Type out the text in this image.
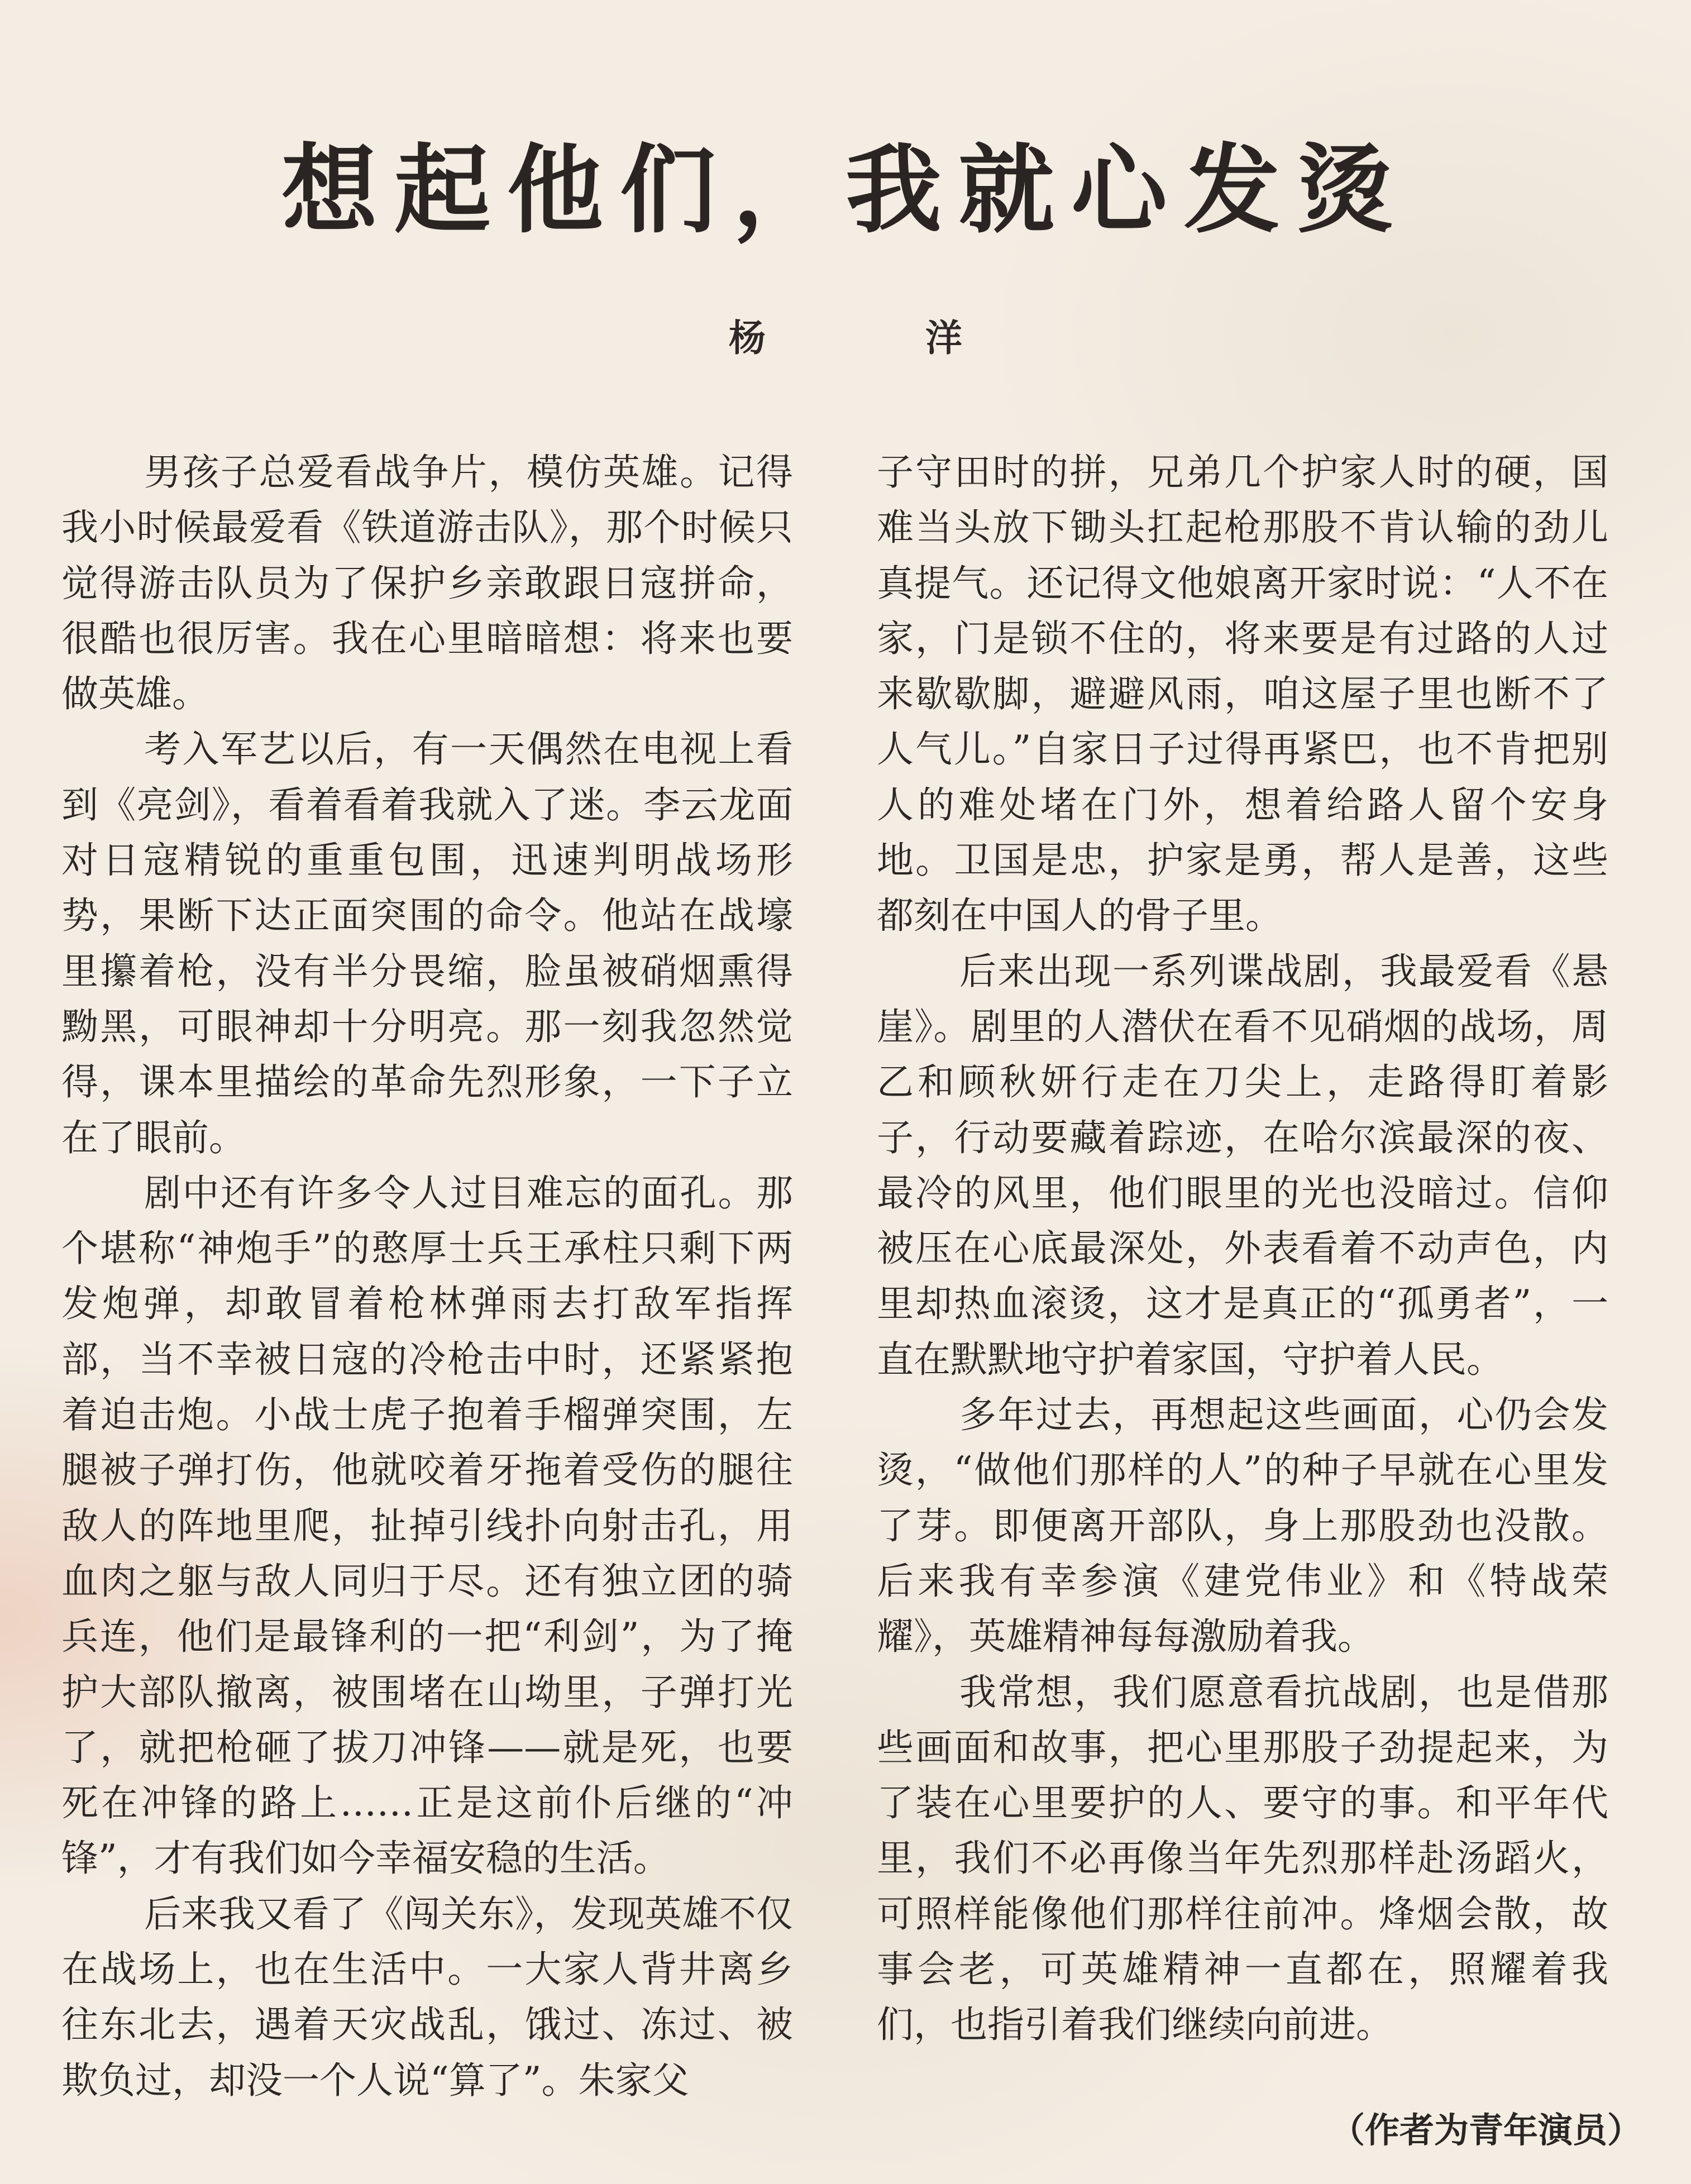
想起他们，我就心发烫
杨　洋

男孩子总爱看战争片，模仿英雄。记得我小时候最爱看《铁道游击队》，那个时候只觉得游击队员为了保护乡亲敢跟日寇拼命，很酷也很厉害。我在心里暗暗想：将来也要做英雄。

考入军艺以后，有一天偶然在电视上看到《亮剑》，看着看着我就入了迷。李云龙面对日寇精锐的重重包围，迅速判明战场形势，果断下达正面突围的命令。他站在战壕里攥着枪，没有半分畏缩，脸虽被硝烟熏得黝黑，可眼神却十分明亮。那一刻我忽然觉得，课本里描绘的革命先烈形象，一下子立在了眼前。

剧中还有许多令人过目难忘的面孔。那个堪称“神炮手”的憨厚士兵王承柱只剩下两发炮弹，却敢冒着枪林弹雨去打敌军指挥部，当不幸被日寇的冷枪击中时，还紧紧抱着迫击炮。小战士虎子抱着手榴弹突围，左腿被子弹打伤，他就咬着牙拖着受伤的腿往敌人的阵地里爬，扯掉引线扑向射击孔，用血肉之躯与敌人同归于尽。还有独立团的骑兵连，他们是最锋利的一把“利剑”，为了掩护大部队撤离，被围堵在山坳里，子弹打光了，就把枪砸了拔刀冲锋——就是死，也要死在冲锋的路上……正是这前仆后继的“冲锋”，才有我们如今幸福安稳的生活。

后来我又看了《闯关东》，发现英雄不仅在战场上，也在生活中。一大家人背井离乡往东北去，遇着天灾战乱，饿过、冻过、被欺负过，却没一个人说“算了”。朱家父

子守田时的拼，兄弟几个护家人时的硬，国难当头放下锄头扛起枪那股不肯认输的劲儿真提气。还记得文他娘离开家时说：“人不在家，门是锁不住的，将来要是有过路的人过来歇歇脚，避避风雨，咱这屋子里也断不了人气儿。”自家日子过得再紧巴，也不肯把别人的难处堵在门外，想着给路人留个安身地。卫国是忠，护家是勇，帮人是善，这些都刻在中国人的骨子里。

后来出现一系列谍战剧，我最爱看《悬崖》。剧里的人潜伏在看不见硝烟的战场，周乙和顾秋妍行走在刀尖上，走路得盯着影子，行动要藏着踪迹，在哈尔滨最深的夜、最冷的风里，他们眼里的光也没暗过。信仰被压在心底最深处，外表看着不动声色，内里却热血滚烫，这才是真正的“孤勇者”，一直在默默地守护着家国，守护着人民。

多年过去，再想起这些画面，心仍会发烫，“做他们那样的人”的种子早就在心里发了芽。即便离开部队，身上那股劲也没散。后来我有幸参演《建党伟业》和《特战荣耀》，英雄精神每每激励着我。

我常想，我们愿意看抗战剧，也是借那些画面和故事，把心里那股子劲提起来，为了装在心里要护的人、要守的事。和平年代里，我们不必再像当年先烈那样赴汤蹈火，可照样能像他们那样往前冲。烽烟会散，故事会老，可英雄精神一直都在，照耀着我们，也指引着我们继续向前进。

（作者为青年演员）
